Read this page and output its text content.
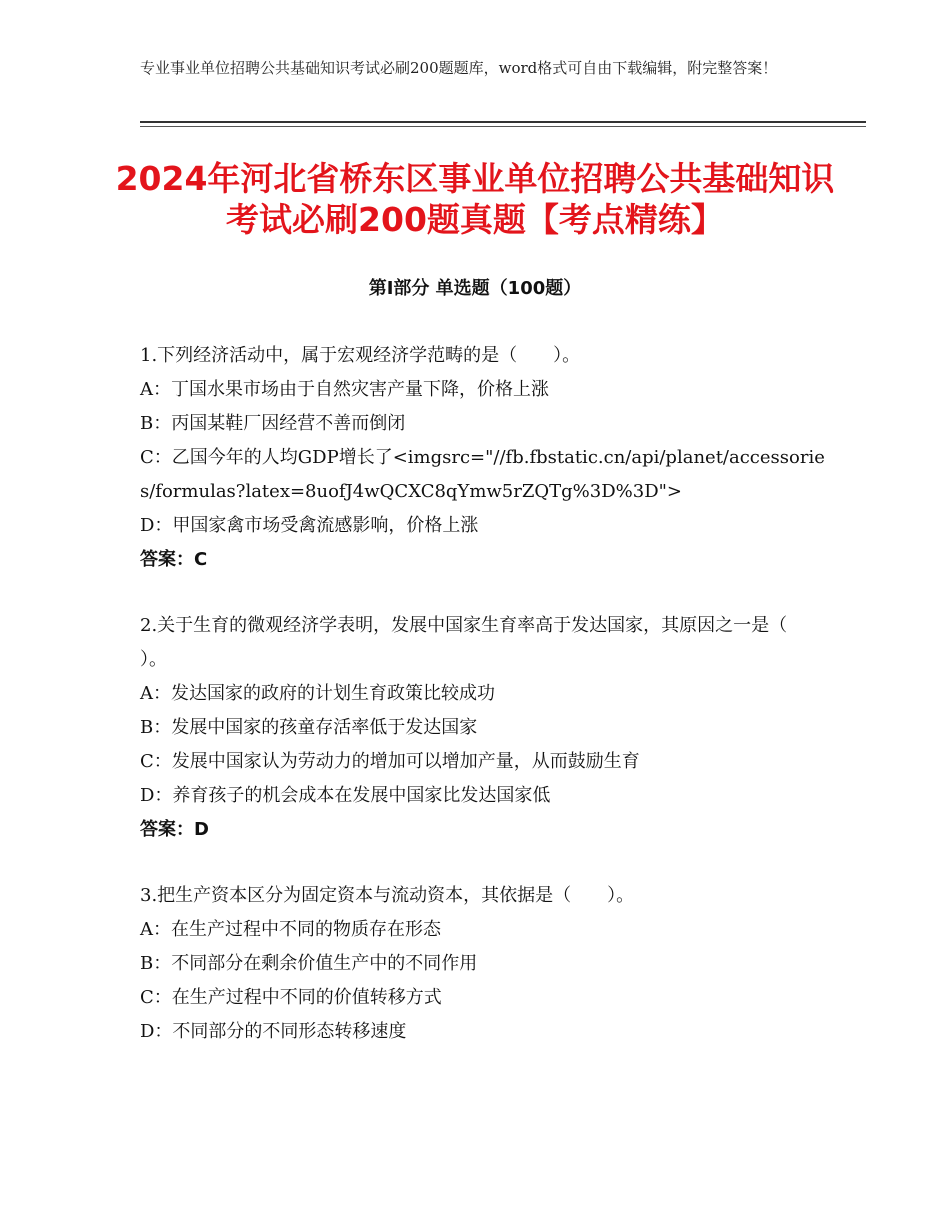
专业事业单位招聘公共基础知识考试必刷200题题库，word格式可自由下载编辑，附完整答案！
2024年河北省桥东区事业单位招聘公共基础知识考试必刷200题真题【考点精练】
第Ⅰ部分 单选题（100题）
1.下列经济活动中，属于宏观经济学范畴的是（　　）。
A：丁国水果市场由于自然灾害产量下降，价格上涨
B：丙国某鞋厂因经营不善而倒闭
C：乙国今年的人均GDP增长了<imgsrc="//fb.fbstatic.cn/api/planet/accessories/formulas?latex=8uofJ4wQCXC8qYmw5rZQTg%3D%3D">
D：甲国家禽市场受禽流感影响，价格上涨
答案：C
2.关于生育的微观经济学表明，发展中国家生育率高于发达国家，其原因之一是（　　）。
A：发达国家的政府的计划生育政策比较成功
B：发展中国家的孩童存活率低于发达国家
C：发展中国家认为劳动力的增加可以增加产量，从而鼓励生育
D：养育孩子的机会成本在发展中国家比发达国家低
答案：D
3.把生产资本区分为固定资本与流动资本，其依据是（　　）。
A：在生产过程中不同的物质存在形态
B：不同部分在剩余价值生产中的不同作用
C：在生产过程中不同的价值转移方式
D：不同部分的不同形态转移速度
